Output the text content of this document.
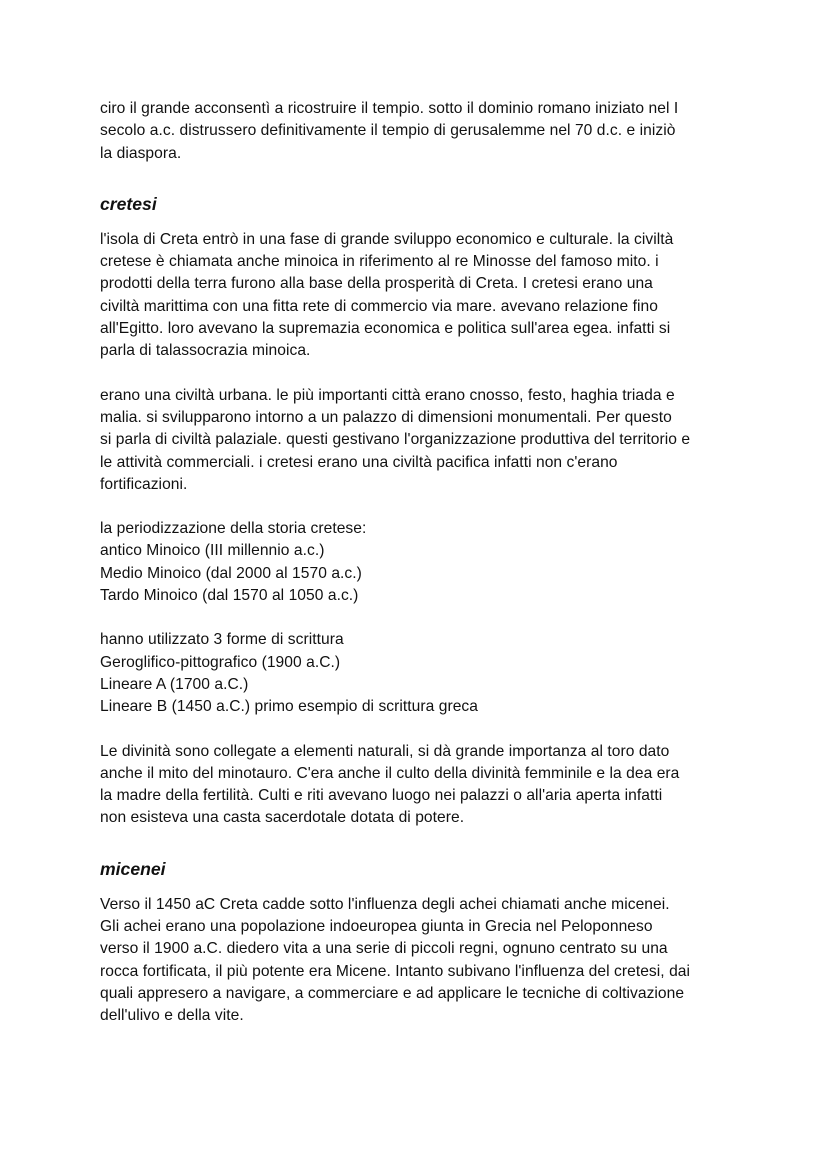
ciro il grande acconsentì a ricostruire il tempio. sotto il dominio romano iniziato nel I
secolo a.c. distrussero definitivamente il tempio di gerusalemme nel 70 d.c. e iniziò
la diaspora.

cretesi

l'isola di Creta entrò in una fase di grande sviluppo economico e culturale. la civiltà
cretese è chiamata anche minoica in riferimento al re Minosse del famoso mito. i
prodotti della terra furono alla base della prosperità di Creta. I cretesi erano una
civiltà marittima con una fitta rete di commercio via mare. avevano relazione fino
all'Egitto. loro avevano la supremazia economica e politica sull'area egea. infatti si
parla di talassocrazia minoica.

erano una civiltà urbana. le più importanti città erano cnosso, festo, haghia triada e
malia. si svilupparono intorno a un palazzo di dimensioni monumentali. Per questo
si parla di civiltà palaziale. questi gestivano l'organizzazione produttiva del territorio e
le attività commerciali. i cretesi erano una civiltà pacifica infatti non c'erano
fortificazioni.

la periodizzazione della storia cretese:
antico Minoico (III millennio a.c.)
Medio Minoico (dal 2000 al 1570 a.c.)
Tardo Minoico (dal 1570 al 1050 a.c.)

hanno utilizzato 3 forme di scrittura
Geroglifico-pittografico (1900 a.C.)
Lineare A (1700 a.C.)
Lineare B (1450 a.C.) primo esempio di scrittura greca

Le divinità sono collegate a elementi naturali, si dà grande importanza al toro dato
anche il mito del minotauro. C'era anche il culto della divinità femminile e la dea era
la madre della fertilità. Culti e riti avevano luogo nei palazzi o all'aria aperta infatti
non esisteva una casta sacerdotale dotata di potere.

micenei

Verso il 1450 aC Creta cadde sotto l'influenza degli achei chiamati anche micenei.
Gli achei erano una popolazione indoeuropea giunta in Grecia nel Peloponneso
verso il 1900 a.C. diedero vita a una serie di piccoli regni, ognuno centrato su una
rocca fortificata, il più potente era Micene. Intanto subivano l'influenza del cretesi, dai
quali appresero a navigare, a commerciare e ad applicare le tecniche di coltivazione
dell'ulivo e della vite.
